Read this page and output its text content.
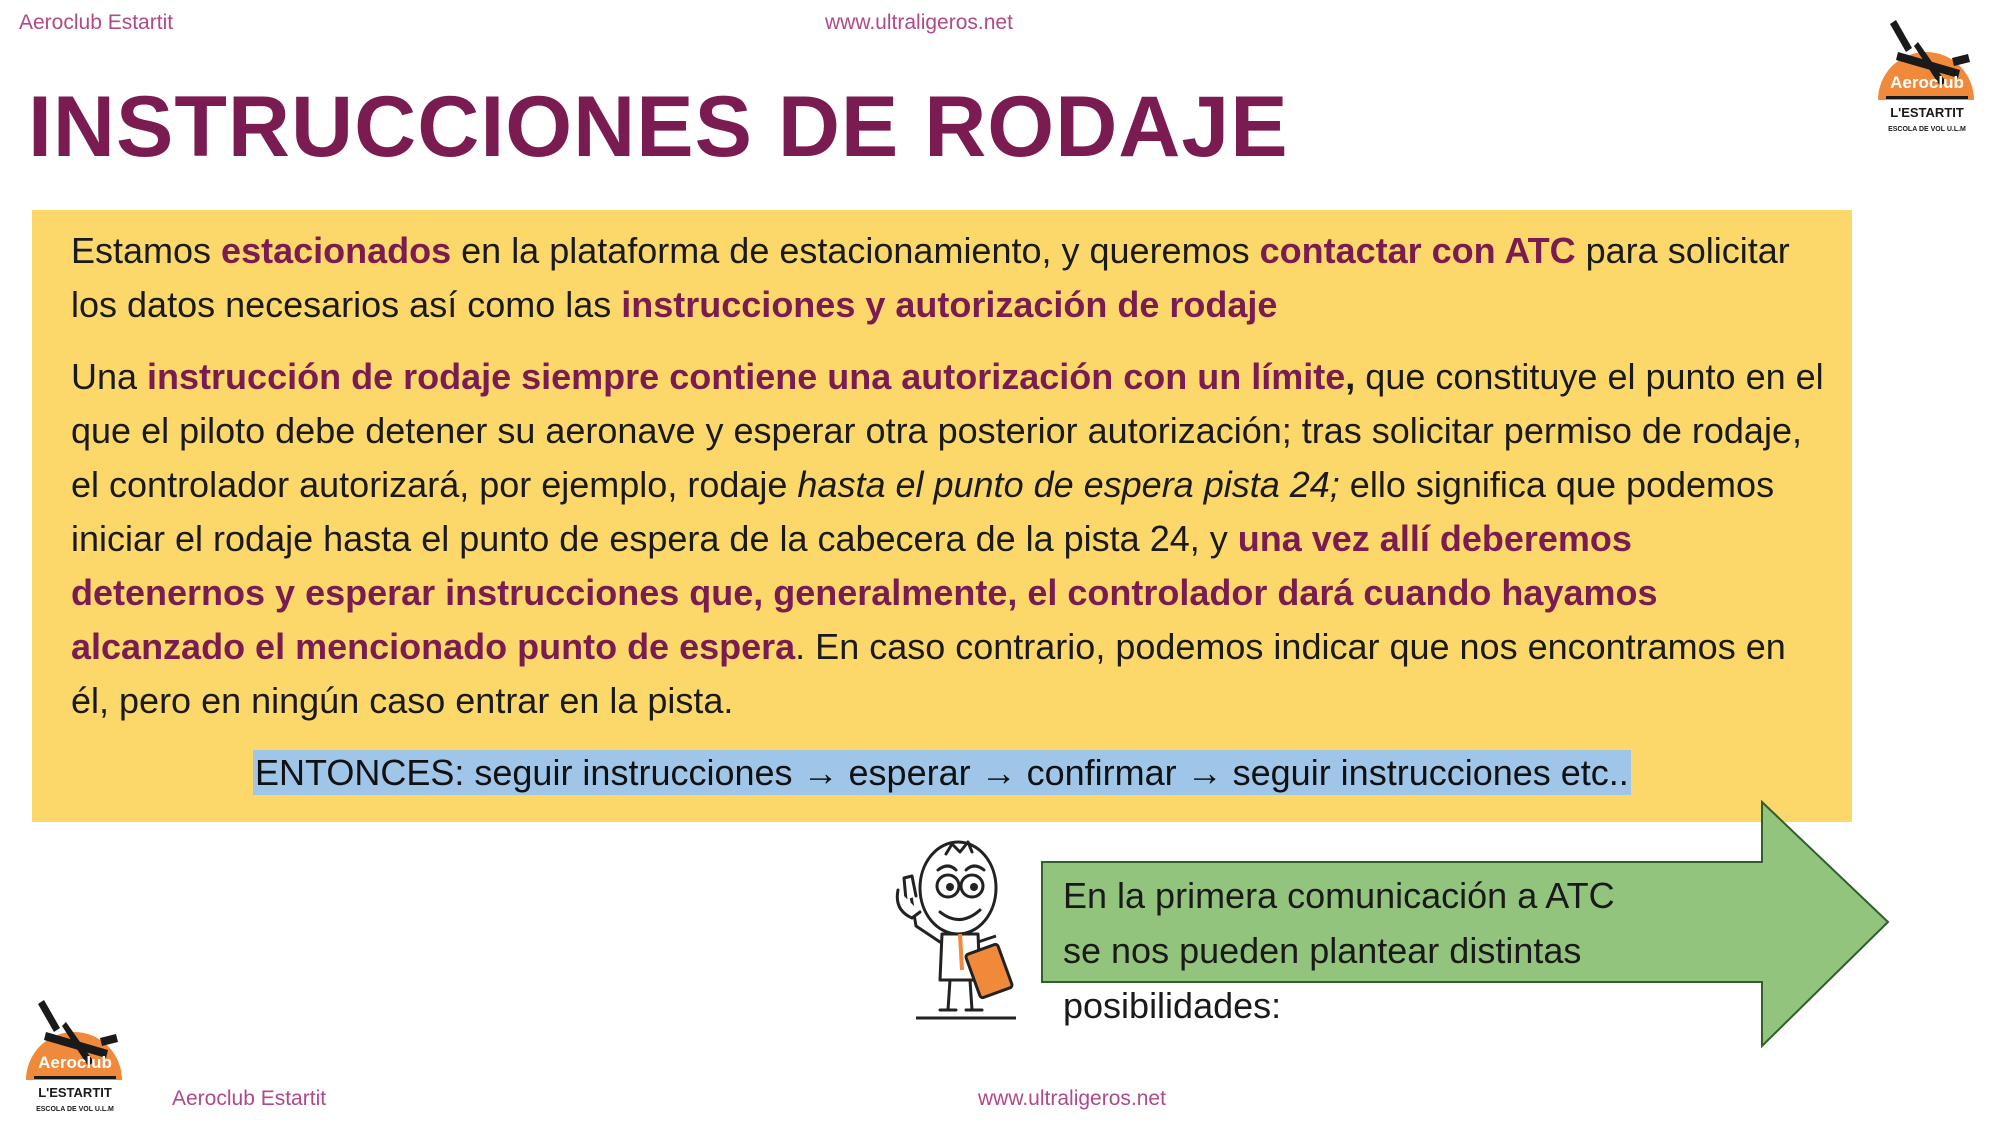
Aeroclub Estartit	www.ultraligeros.net
Aeroclub
L'ESTARTIT
ESCOLA DE VOL U.L.M
INSTRUCCIONES DE RODAJE
Estamos estacionados en la plataforma de estacionamiento, y queremos contactar con ATC para solicitar los datos necesarios así como las instrucciones y autorización de rodaje
Una instrucción de rodaje siempre contiene una autorización con un límite, que constituye el punto en el que el piloto debe detener su aeronave y esperar otra posterior autorización; tras solicitar permiso de rodaje, el controlador autorizará, por ejemplo, rodaje hasta el punto de espera pista 24; ello significa que podemos iniciar el rodaje hasta el punto de espera de la cabecera de la pista 24, y una vez allí deberemos detenernos y esperar instrucciones que, generalmente, el controlador dará cuando hayamos alcanzado el mencionado punto de espera. En caso contrario, podemos indicar que nos encontramos en él, pero en ningún caso entrar en la pista.
ENTONCES: seguir instrucciones → esperar → confirmar → seguir instrucciones etc..
En la primera comunicación a ATC se nos pueden plantear distintas posibilidades:
Aeroclub
L'ESTARTIT
ESCOLA DE VOL U.L.M	Aeroclub Estartit	www.ultraligeros.net
